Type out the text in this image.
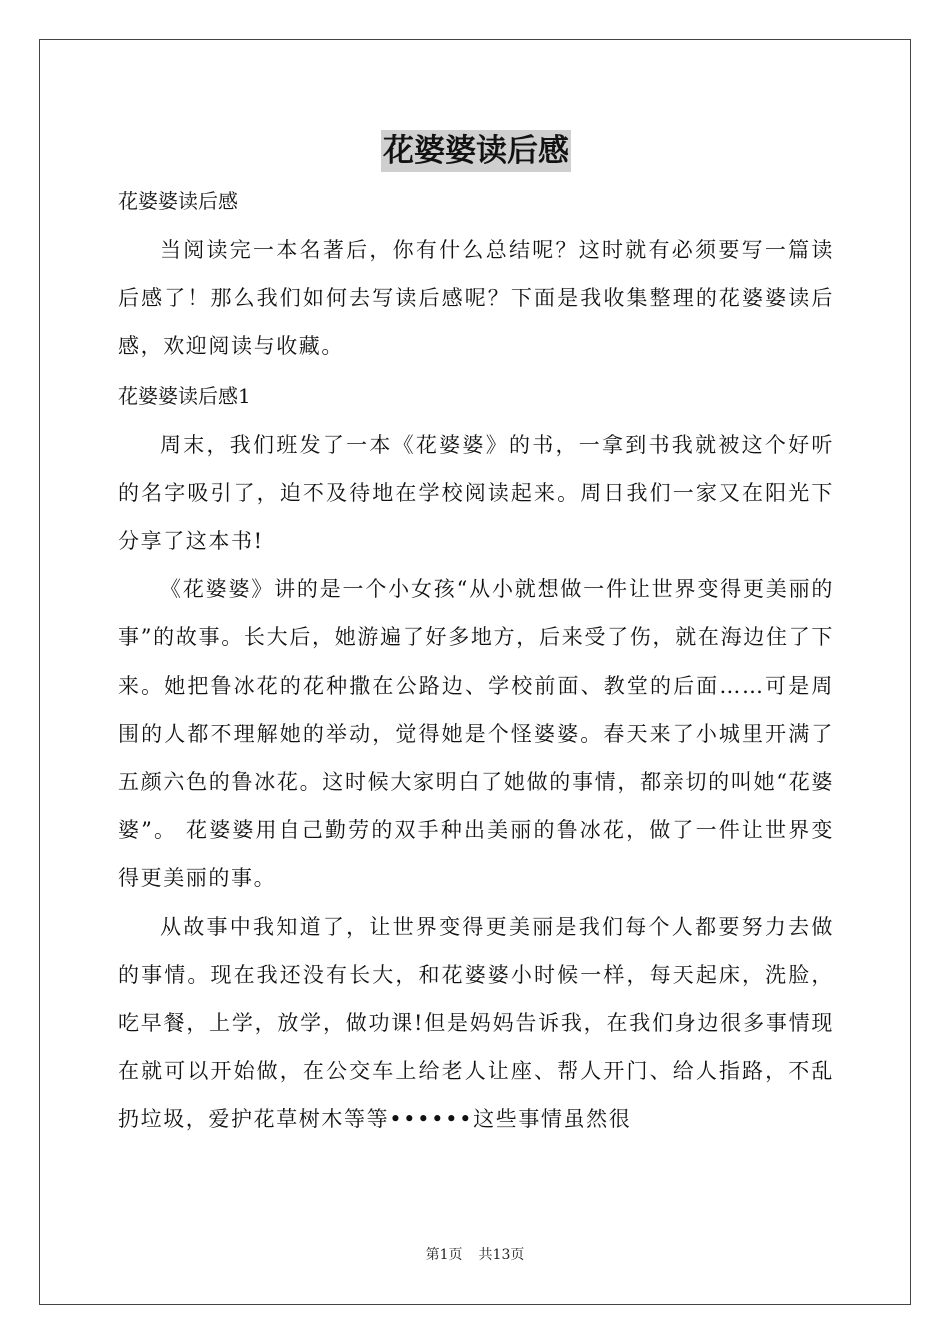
花婆婆读后感

花婆婆读后感

当阅读完一本名著后，你有什么总结呢？这时就有必须要写一篇读后感了！那么我们如何去写读后感呢？下面是我收集整理的花婆婆读后感，欢迎阅读与收藏。

花婆婆读后感1

周末，我们班发了一本《花婆婆》的书，一拿到书我就被这个好听的名字吸引了，迫不及待地在学校阅读起来。周日我们一家又在阳光下分享了这本书!

《花婆婆》讲的是一个小女孩“从小就想做一件让世界变得更美丽的事”的故事。长大后，她游遍了好多地方，后来受了伤，就在海边住了下来。她把鲁冰花的花种撒在公路边、学校前面、教堂的后面……可是周围的人都不理解她的举动，觉得她是个怪婆婆。春天来了小城里开满了五颜六色的鲁冰花。这时候大家明白了她做的事情，都亲切的叫她“花婆婆”。 花婆婆用自己勤劳的双手种出美丽的鲁冰花，做了一件让世界变得更美丽的事。

从故事中我知道了，让世界变得更美丽是我们每个人都要努力去做的事情。现在我还没有长大，和花婆婆小时候一样，每天起床，洗脸，吃早餐，上学，放学，做功课!但是妈妈告诉我，在我们身边很多事情现在就可以开始做，在公交车上给老人让座、帮人开门、给人指路，不乱扔垃圾，爱护花草树木等等••••••这些事情虽然很

第1页 共13页
